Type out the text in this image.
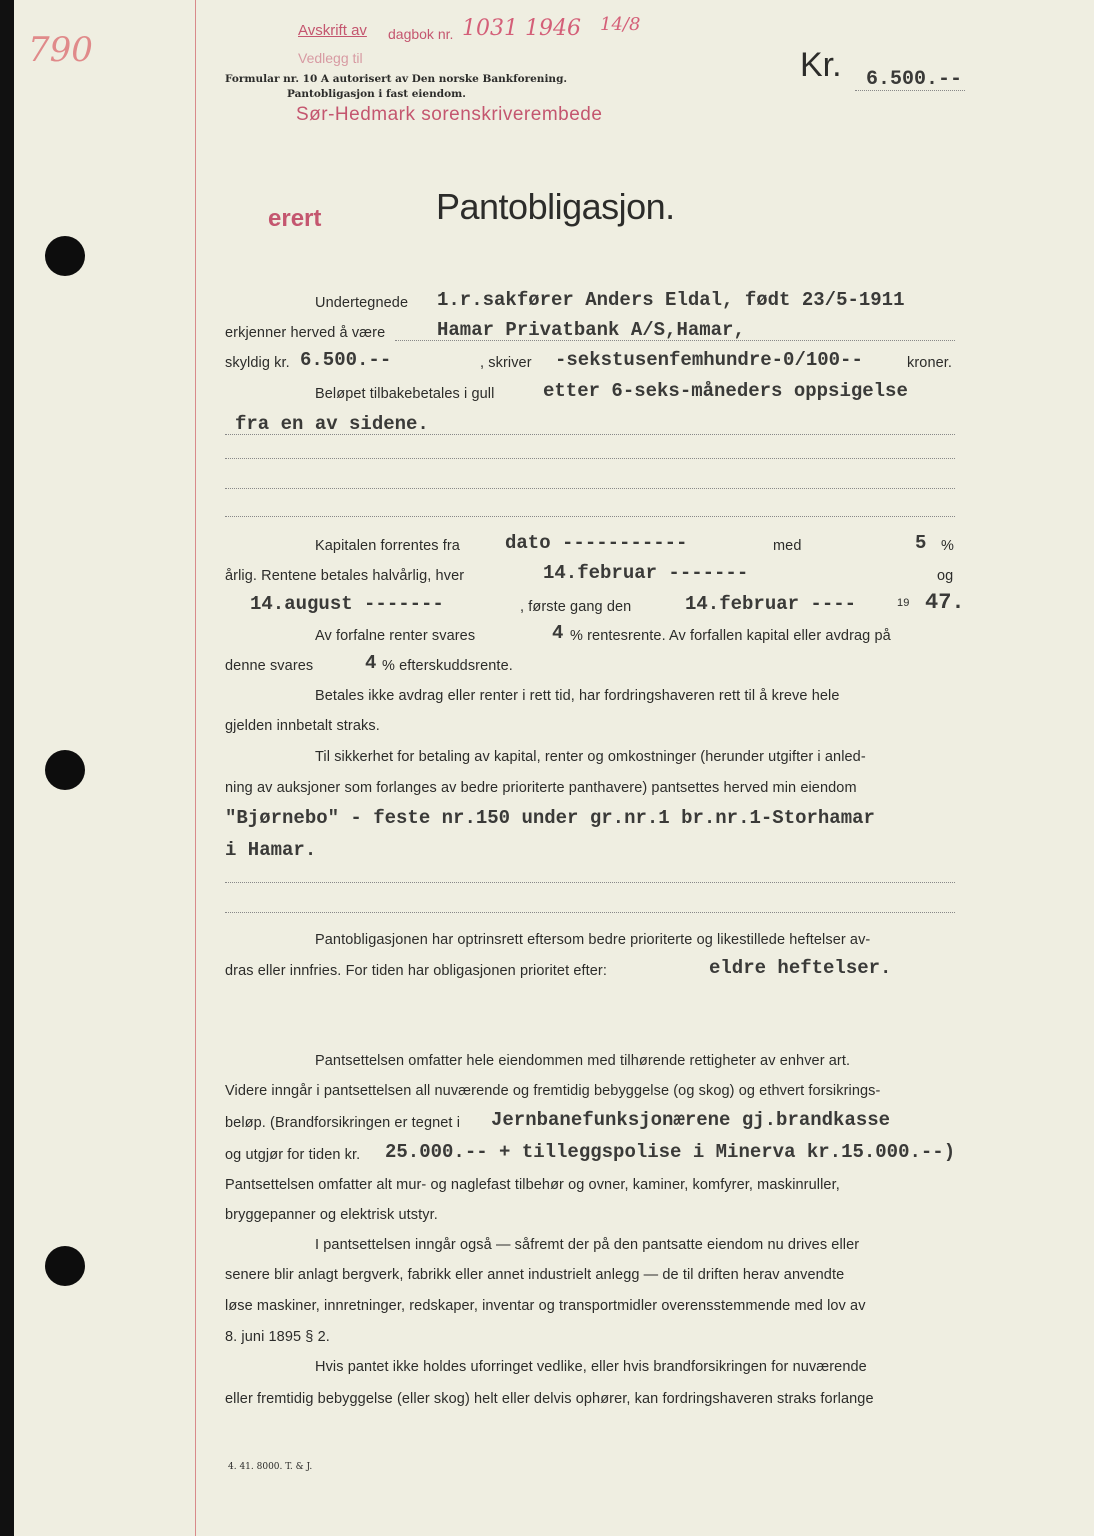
790	Avskrift av
Vedlegg til
dagbok nr. 1031 1946 14/8
Formular nr. 10 A autorisert av Den norske Bankforening.
Pantobligasjon i fast eiendom.
Sør-Hedmark sorenskriverembede
Kr. 6.500.--
erert	Pantobligasjon.
Undertegnede 1.r.sakfører Anders Eldal, født 23/5-1911
erkjenner herved å være	Hamar Privatbank A/S,Hamar,
skyldig kr. 6.500.--	, skriver -sekstusenfemhundre-0/100--	kroner.
Beløpet tilbakebetales i gull	etter 6-seks-måneders oppsigelse
fra en av sidene.
Kapitalen forrentes fra dato -----------	med	5 %
årlig. Rentene betales halvårlig, hver	14.februar -------	og
14.august -------	, første gang den	14.februar ----	19 47.
Av forfalne renter svares	4 % rentesrente. Av forfallen kapital eller avdrag på
denne svares	4 % efterskuddsrente.
Betales ikke avdrag eller renter i rett tid, har fordringshaveren rett til å kreve hele
gjelden innbetalt straks.
Til sikkerhet for betaling av kapital, renter og omkostninger (herunder utgifter i anled-
ning av auksjoner som forlanges av bedre prioriterte panthavere) pantsettes herved min eiendom
"Bjørnebo" - feste nr.150 under gr.nr.1 br.nr.1-Storhamar
i Hamar.
Pantobligasjonen har optrinsrett eftersom bedre prioriterte og likestillede heftelser av-
dras eller innfries. For tiden har obligasjonen prioritet efter:	eldre heftelser.
Pantsettelsen omfatter hele eiendommen med tilhørende rettigheter av enhver art.
Videre inngår i pantsettelsen all nuværende og fremtidig bebyggelse (og skog) og ethvert forsikrings-
beløp. (Brandforsikringen er tegnet i Jernbanefunksjonærene gj.brandkasse
og utgjør for tiden kr. 25.000.-- + tilleggspolise i Minerva kr.15.000.--)
Pantsettelsen omfatter alt mur- og naglefast tilbehør og ovner, kaminer, komfyrer, maskinruller,
bryggepanner og elektrisk utstyr.
I pantsettelsen inngår også — såfremt der på den pantsatte eiendom nu drives eller
senere blir anlagt bergverk, fabrikk eller annet industrielt anlegg — de til driften herav anvendte
løse maskiner, innretninger, redskaper, inventar og transportmidler overensstemmende med lov av
8. juni 1895 § 2.
Hvis pantet ikke holdes uforringet vedlike, eller hvis brandforsikringen for nuværende
eller fremtidig bebyggelse (eller skog) helt eller delvis ophører, kan fordringshaveren straks forlange
4. 41. 8000. T. & J.
